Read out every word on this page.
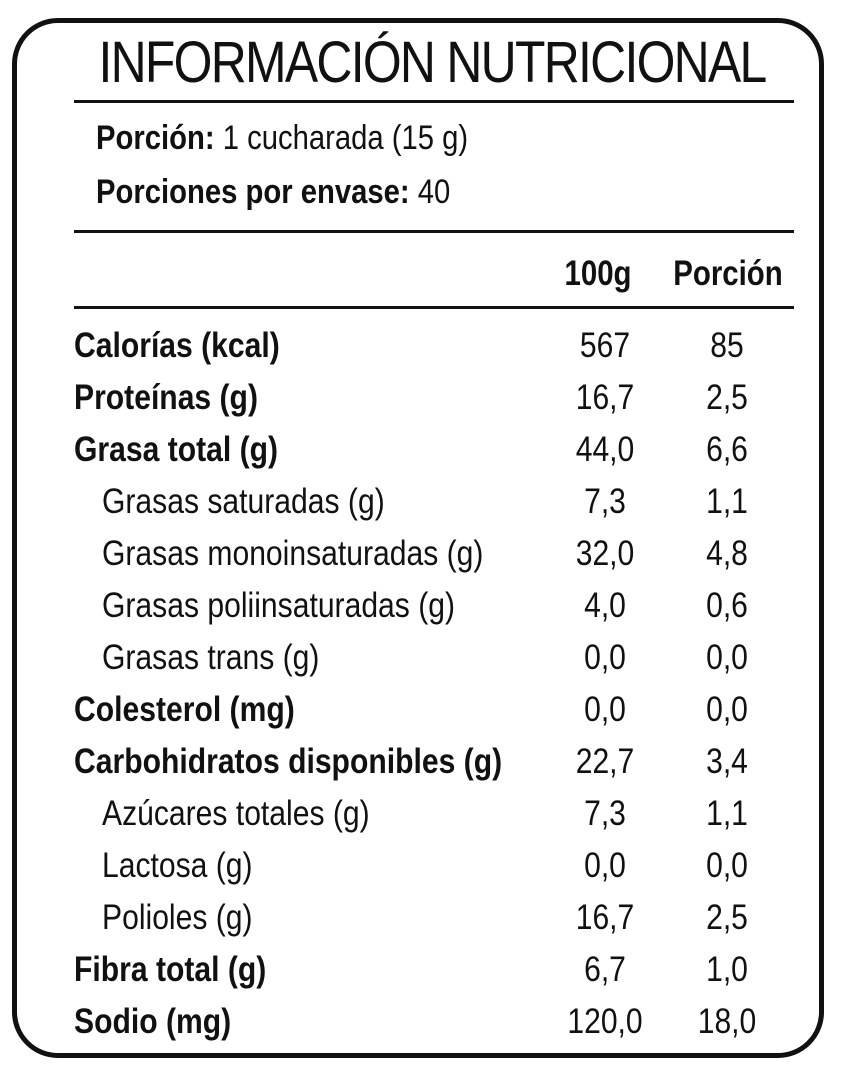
INFORMACIÓN NUTRICIONAL
Porción: 1 cucharada (15 g)
Porciones por envase: 40
100g Porción
Calorías (kcal)	567	85
Proteínas (g)	16,7	2,5
Grasa total (g)	44,0	6,6
Grasas saturadas (g)	7,3	1,1
Grasas monoinsaturadas (g)	32,0	4,8
Grasas poliinsaturadas (g)	4,0	0,6
Grasas trans (g)	0,0	0,0
Colesterol (mg)	0,0	0,0
Carbohidratos disponibles (g)	22,7	3,4
Azúcares totales (g)	7,3	1,1
Lactosa (g)	0,0	0,0
Polioles (g)	16,7	2,5
Fibra total (g)	6,7	1,0
Sodio (mg)	120,0	18,0
